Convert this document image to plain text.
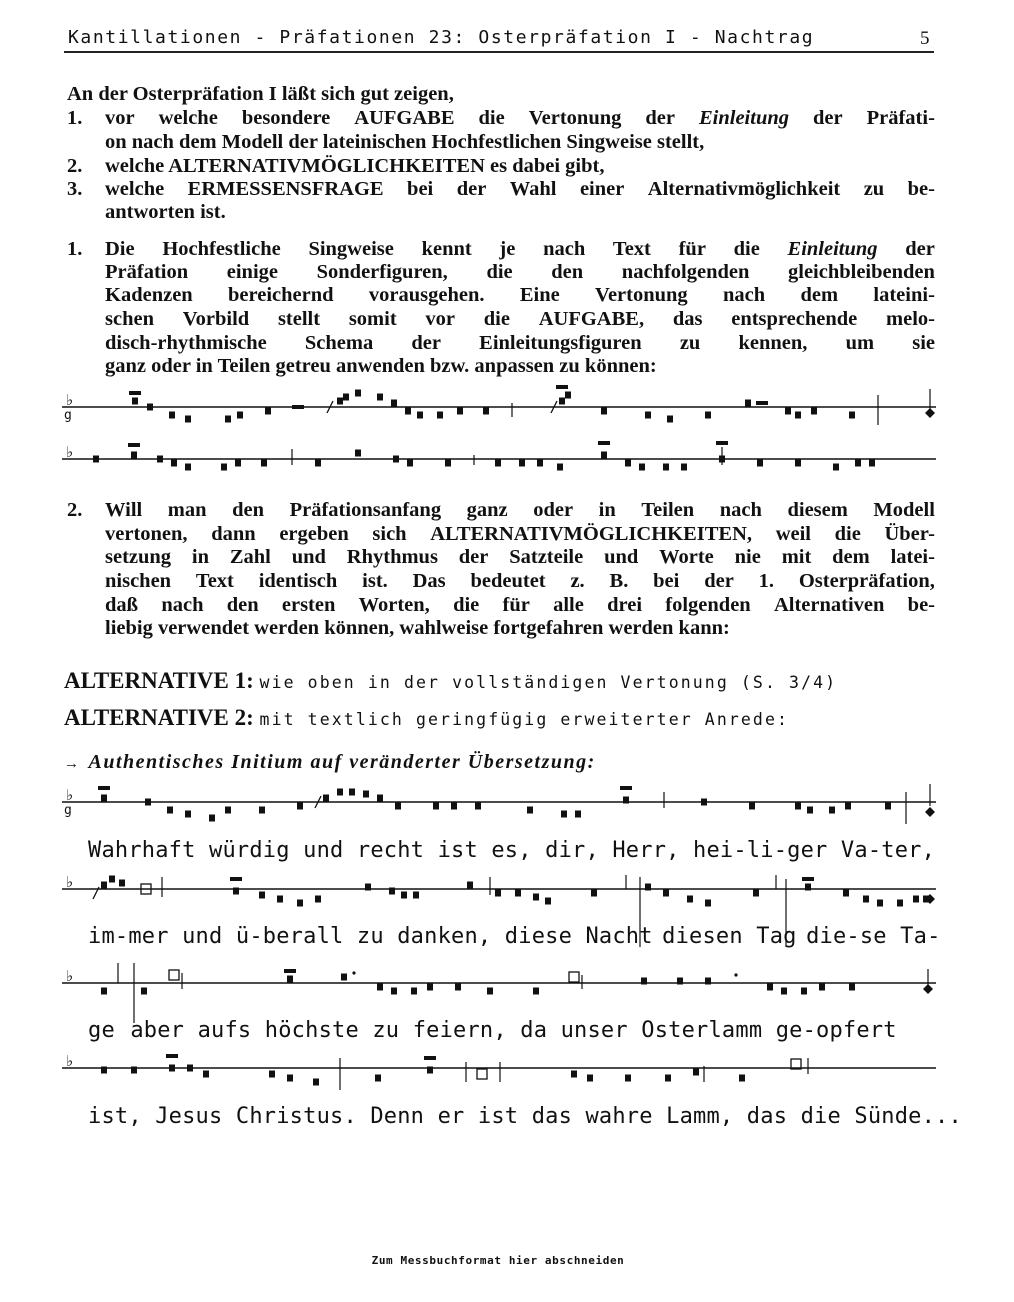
Kantillationen - Präfationen 23: Osterpräfation I - Nachtrag	5
An der Osterpräfation I läßt sich gut zeigen,
1. vor welche besondere AUFGABE die Vertonung der Einleitung der Präfati-
on nach dem Modell der lateinischen Hochfestlichen Singweise stellt,
2. welche ALTERNATIVMÖGLICHKEITEN es dabei gibt,
3. welche ERMESSENSFRAGE bei der Wahl einer Alternativmöglichkeit zu be-
antworten ist.
1. Die Hochfestliche Singweise kennt je nach Text für die Einleitung der
Präfation einige Sonderfiguren, die den nachfolgenden gleichbleibenden
Kadenzen bereichernd vorausgehen. Eine Vertonung nach dem lateini-
schen Vorbild stellt somit vor die AUFGABE, das entsprechende melo-
disch-rhythmische Schema der Einleitungsfiguren zu kennen, um sie
ganz oder in Teilen getreu anwenden bzw. anpassen zu können:
2. Will man den Präfationsanfang ganz oder in Teilen nach diesem Modell
vertonen, dann ergeben sich ALTERNATIVMÖGLICHKEITEN, weil die Über-
setzung in Zahl und Rhythmus der Satzteile und Worte nie mit dem latei-
nischen Text identisch ist. Das bedeutet z. B. bei der 1. Osterpräfation,
daß nach den ersten Worten, die für alle drei folgenden Alternativen be-
liebig verwendet werden können, wahlweise fortgefahren werden kann:
ALTERNATIVE 1: wie oben in der vollständigen Vertonung (S. 3/4)
ALTERNATIVE 2: mit textlich geringfügig erweiterter Anrede:
→ Authentisches Initium auf veränderter Übersetzung:
Wahrhaft würdig und recht ist es, dir, Herr, hei-li-ger Va-ter,
im-mer und ü-berall zu danken, diese Nacht diesen Tag die-se Ta-
ge aber aufs höchste zu feiern, da unser Osterlamm ge-opfert
ist, Jesus Christus. Denn er ist das wahre Lamm, das die Sünde...
Zum Messbuchformat hier abschneiden
♭
g
♭
♭
g
♭
♭
♭
